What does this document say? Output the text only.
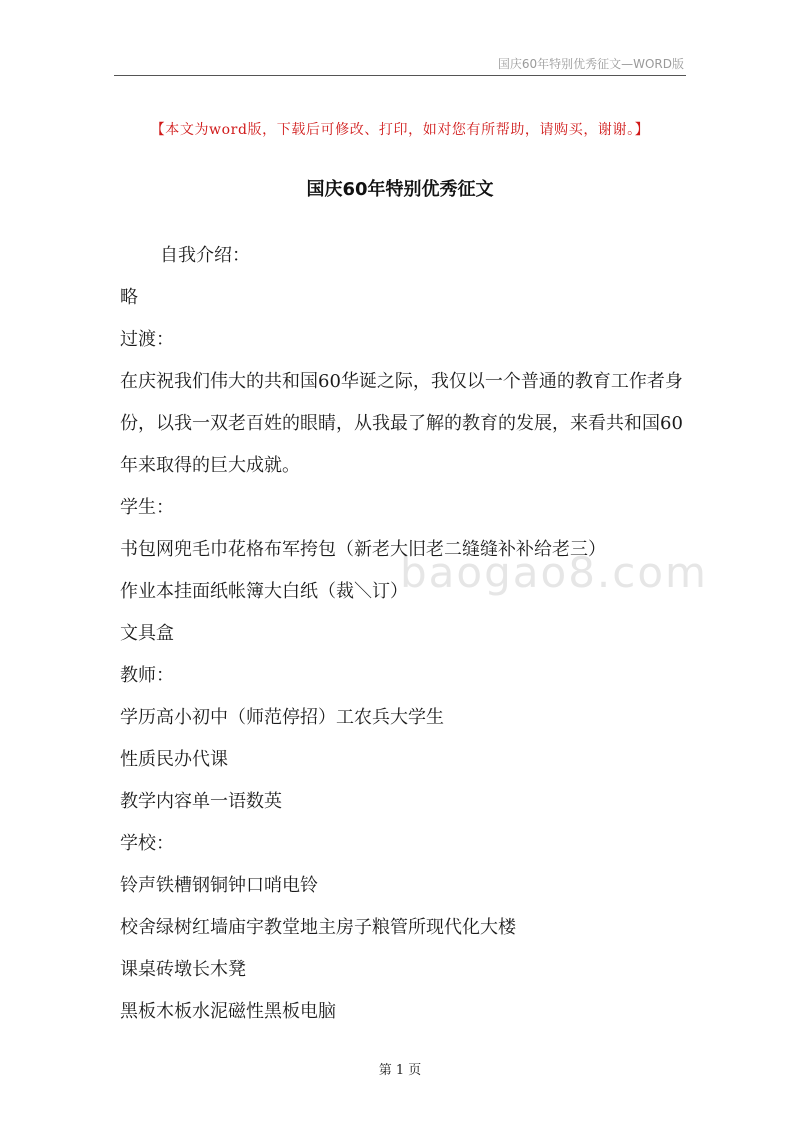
国庆60年特别优秀征文—WORD版
【本文为word版，下载后可修改、打印，如对您有所帮助，请购买，谢谢。】
国庆60年特别优秀征文
baogao8.com

自我介绍：

略

过渡：

在庆祝我们伟大的共和国60华诞之际，我仅以一个普通的教育工作者身份，以我一双老百姓的眼睛，从我最了解的教育的发展，来看共和国60年来取得的巨大成就。

学生：

书包网兜毛巾花格布军挎包（新老大旧老二缝缝补补给老三）

作业本挂面纸帐簿大白纸（裁＼订）

文具盒

教师：

学历高小初中（师范停招）工农兵大学生

性质民办代课

教学内容单一语数英

学校：

铃声铁槽钢铜钟口哨电铃

校舍绿树红墙庙宇教堂地主房子粮管所现代化大楼

课桌砖墩长木凳

黑板木板水泥磁性黑板电脑

第 1 页
